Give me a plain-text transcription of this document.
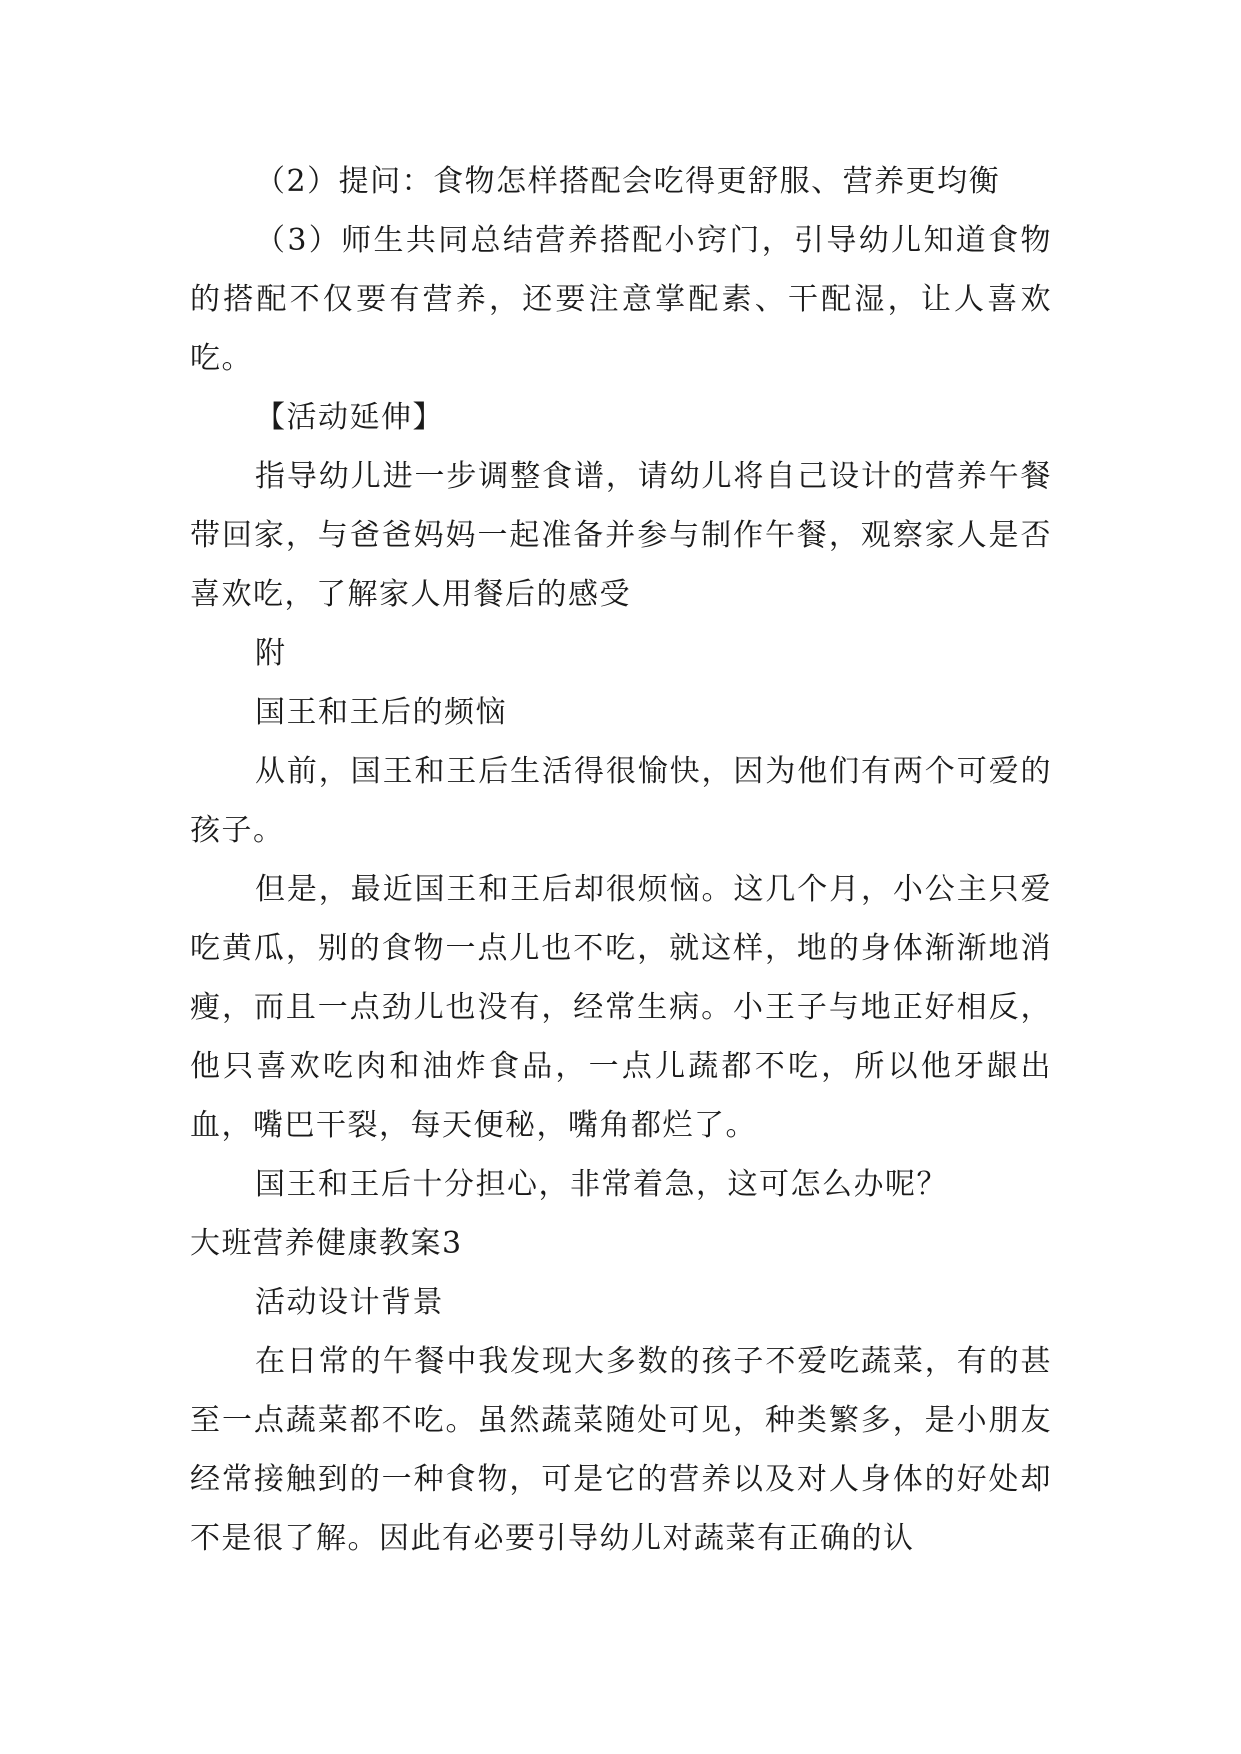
（2）提问：食物怎样搭配会吃得更舒服、营养更均衡

（3）师生共同总结营养搭配小窍门，引导幼儿知道食物的搭配不仅要有营养，还要注意掌配素、干配湿，让人喜欢吃。

【活动延伸】

指导幼儿进一步调整食谱，请幼儿将自己设计的营养午餐带回家，与爸爸妈妈一起准备并参与制作午餐，观察家人是否喜欢吃，了解家人用餐后的感受

附

国王和王后的频恼

从前，国王和王后生活得很愉快，因为他们有两个可爱的孩子。

但是，最近国王和王后却很烦恼。这几个月，小公主只爱吃黄瓜，别的食物一点儿也不吃，就这样，地的身体渐渐地消瘦，而且一点劲儿也没有，经常生病。小王子与地正好相反，他只喜欢吃肉和油炸食品，一点儿蔬都不吃，所以他牙龈出血，嘴巴干裂，每天便秘，嘴角都烂了。

国王和王后十分担心，非常着急，这可怎么办呢？

大班营养健康教案3

活动设计背景

在日常的午餐中我发现大多数的孩子不爱吃蔬菜，有的甚至一点蔬菜都不吃。虽然蔬菜随处可见，种类繁多，是小朋友经常接触到的一种食物，可是它的营养以及对人身体的好处却不是很了解。因此有必要引导幼儿对蔬菜有正确的认
